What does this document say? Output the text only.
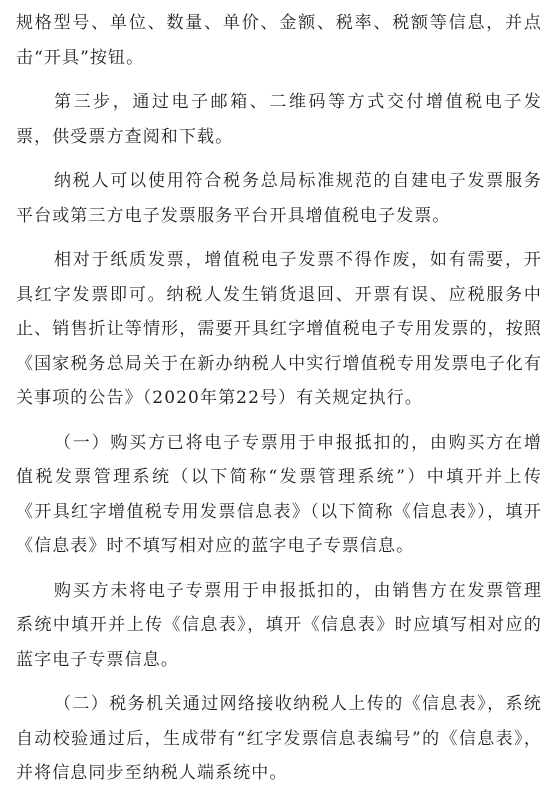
规格型号、单位、数量、单价、金额、税率、税额等信息，并点击“开具”按钮。

第三步，通过电子邮箱、二维码等方式交付增值税电子发票，供受票方查阅和下载。

纳税人可以使用符合税务总局标准规范的自建电子发票服务平台或第三方电子发票服务平台开具增值税电子发票。

相对于纸质发票，增值税电子发票不得作废，如有需要，开具红字发票即可。纳税人发生销货退回、开票有误、应税服务中止、销售折让等情形，需要开具红字增值税电子专用发票的，按照《国家税务总局关于在新办纳税人中实行增值税专用发票电子化有关事项的公告》（2020年第22号）有关规定执行。

（一）购买方已将电子专票用于申报抵扣的，由购买方在增值税发票管理系统（以下简称“发票管理系统”）中填开并上传《开具红字增值税专用发票信息表》（以下简称《信息表》），填开《信息表》时不填写相对应的蓝字电子专票信息。

购买方未将电子专票用于申报抵扣的，由销售方在发票管理系统中填开并上传《信息表》，填开《信息表》时应填写相对应的蓝字电子专票信息。

（二）税务机关通过网络接收纳税人上传的《信息表》，系统自动校验通过后，生成带有“红字发票信息表编号”的《信息表》，并将信息同步至纳税人端系统中。
